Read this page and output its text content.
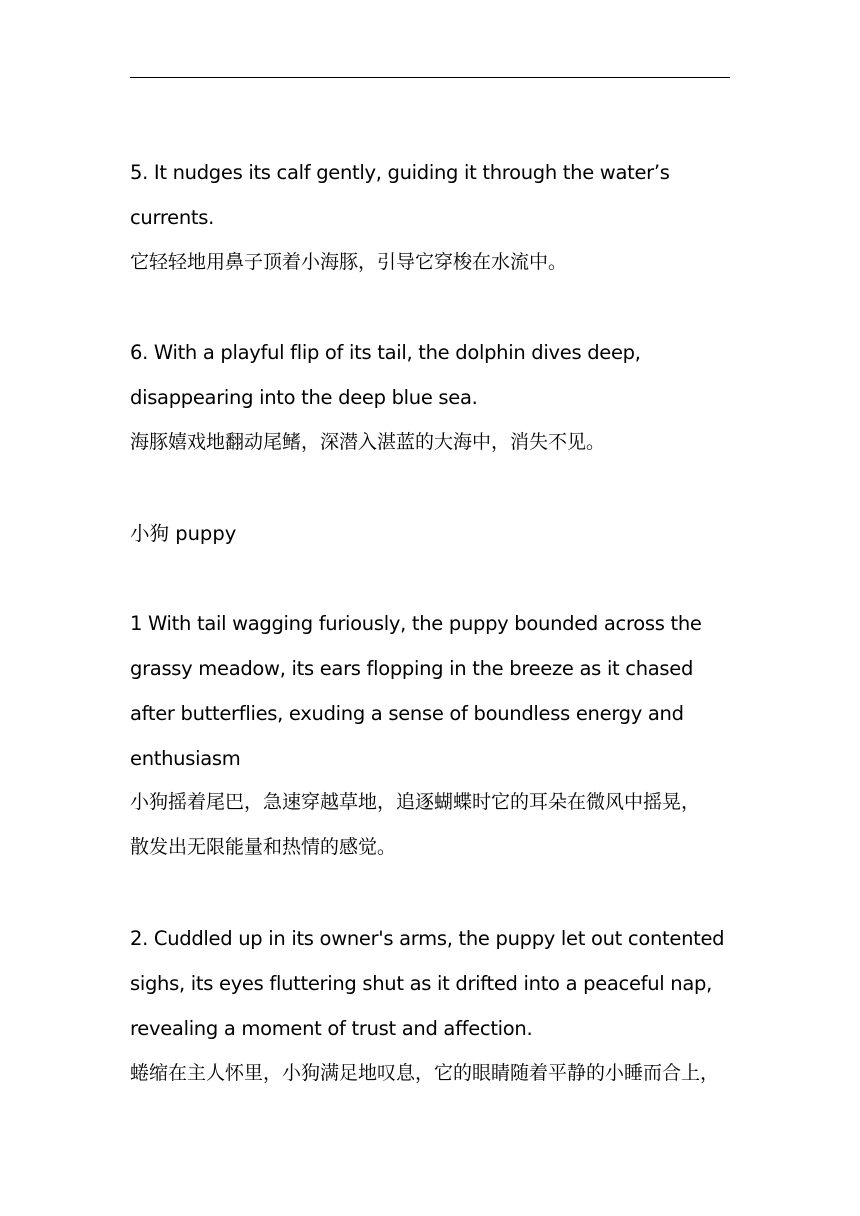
5. It nudges its calf gently, guiding it through the water’s
currents.
它轻轻地用鼻子顶着小海豚，引导它穿梭在水流中。
6. With a playful flip of its tail, the dolphin dives deep,
disappearing into the deep blue sea.
海豚嬉戏地翻动尾鳍，深潜入湛蓝的大海中，消失不见。
小狗 puppy
1 With tail wagging furiously, the puppy bounded across the
grassy meadow, its ears flopping in the breeze as it chased
after butterflies, exuding a sense of boundless energy and
enthusiasm
小狗摇着尾巴，急速穿越草地，追逐蝴蝶时它的耳朵在微风中摇晃，
散发出无限能量和热情的感觉。
2. Cuddled up in its owner's arms, the puppy let out contented
sighs, its eyes fluttering shut as it drifted into a peaceful nap,
revealing a moment of trust and affection.
蜷缩在主人怀里，小狗满足地叹息，它的眼睛随着平静的小睡而合上，
